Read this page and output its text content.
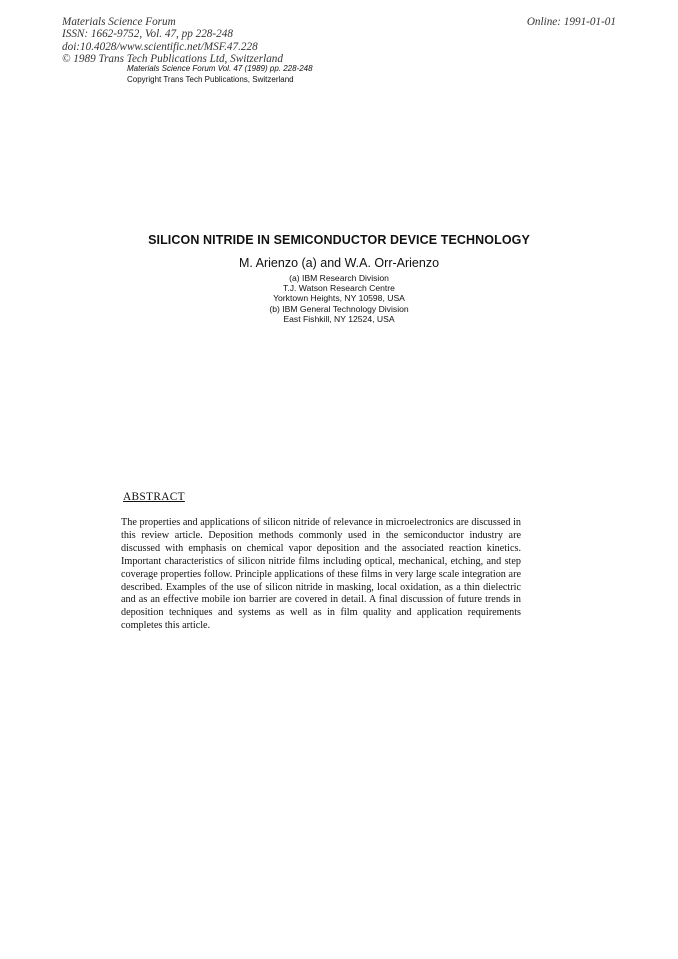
Materials Science Forum
ISSN: 1662-9752, Vol. 47, pp 228-248
doi:10.4028/www.scientific.net/MSF.47.228
© 1989 Trans Tech Publications Ltd, Switzerland
Online: 1991-01-01
Materials Science Forum Vol. 47 (1989) pp. 228-248
Copyright Trans Tech Publications, Switzerland
SILICON NITRIDE IN SEMICONDUCTOR DEVICE TECHNOLOGY
M. Arienzo (a) and W.A. Orr-Arienzo
(a) IBM Research Division
T.J. Watson Research Centre
Yorktown Heights, NY 10598, USA
(b) IBM General Technology Division
East Fishkill, NY 12524, USA
ABSTRACT

The properties and applications of silicon nitride of relevance in microelectronics are discussed in this review article. Deposition methods commonly used in the semiconductor industry are discussed with emphasis on chemical vapor deposition and the associated reaction kinetics. Important characteristics of silicon nitride films including optical, mechanical, etching, and step coverage properties follow. Principle applications of these films in very large scale integration are described. Examples of the use of silicon nitride in masking, local oxidation, as a thin dielectric and as an effective mobile ion barrier are covered in detail. A final discussion of future trends in deposition techniques and systems as well as in film quality and application requirements completes this article.
